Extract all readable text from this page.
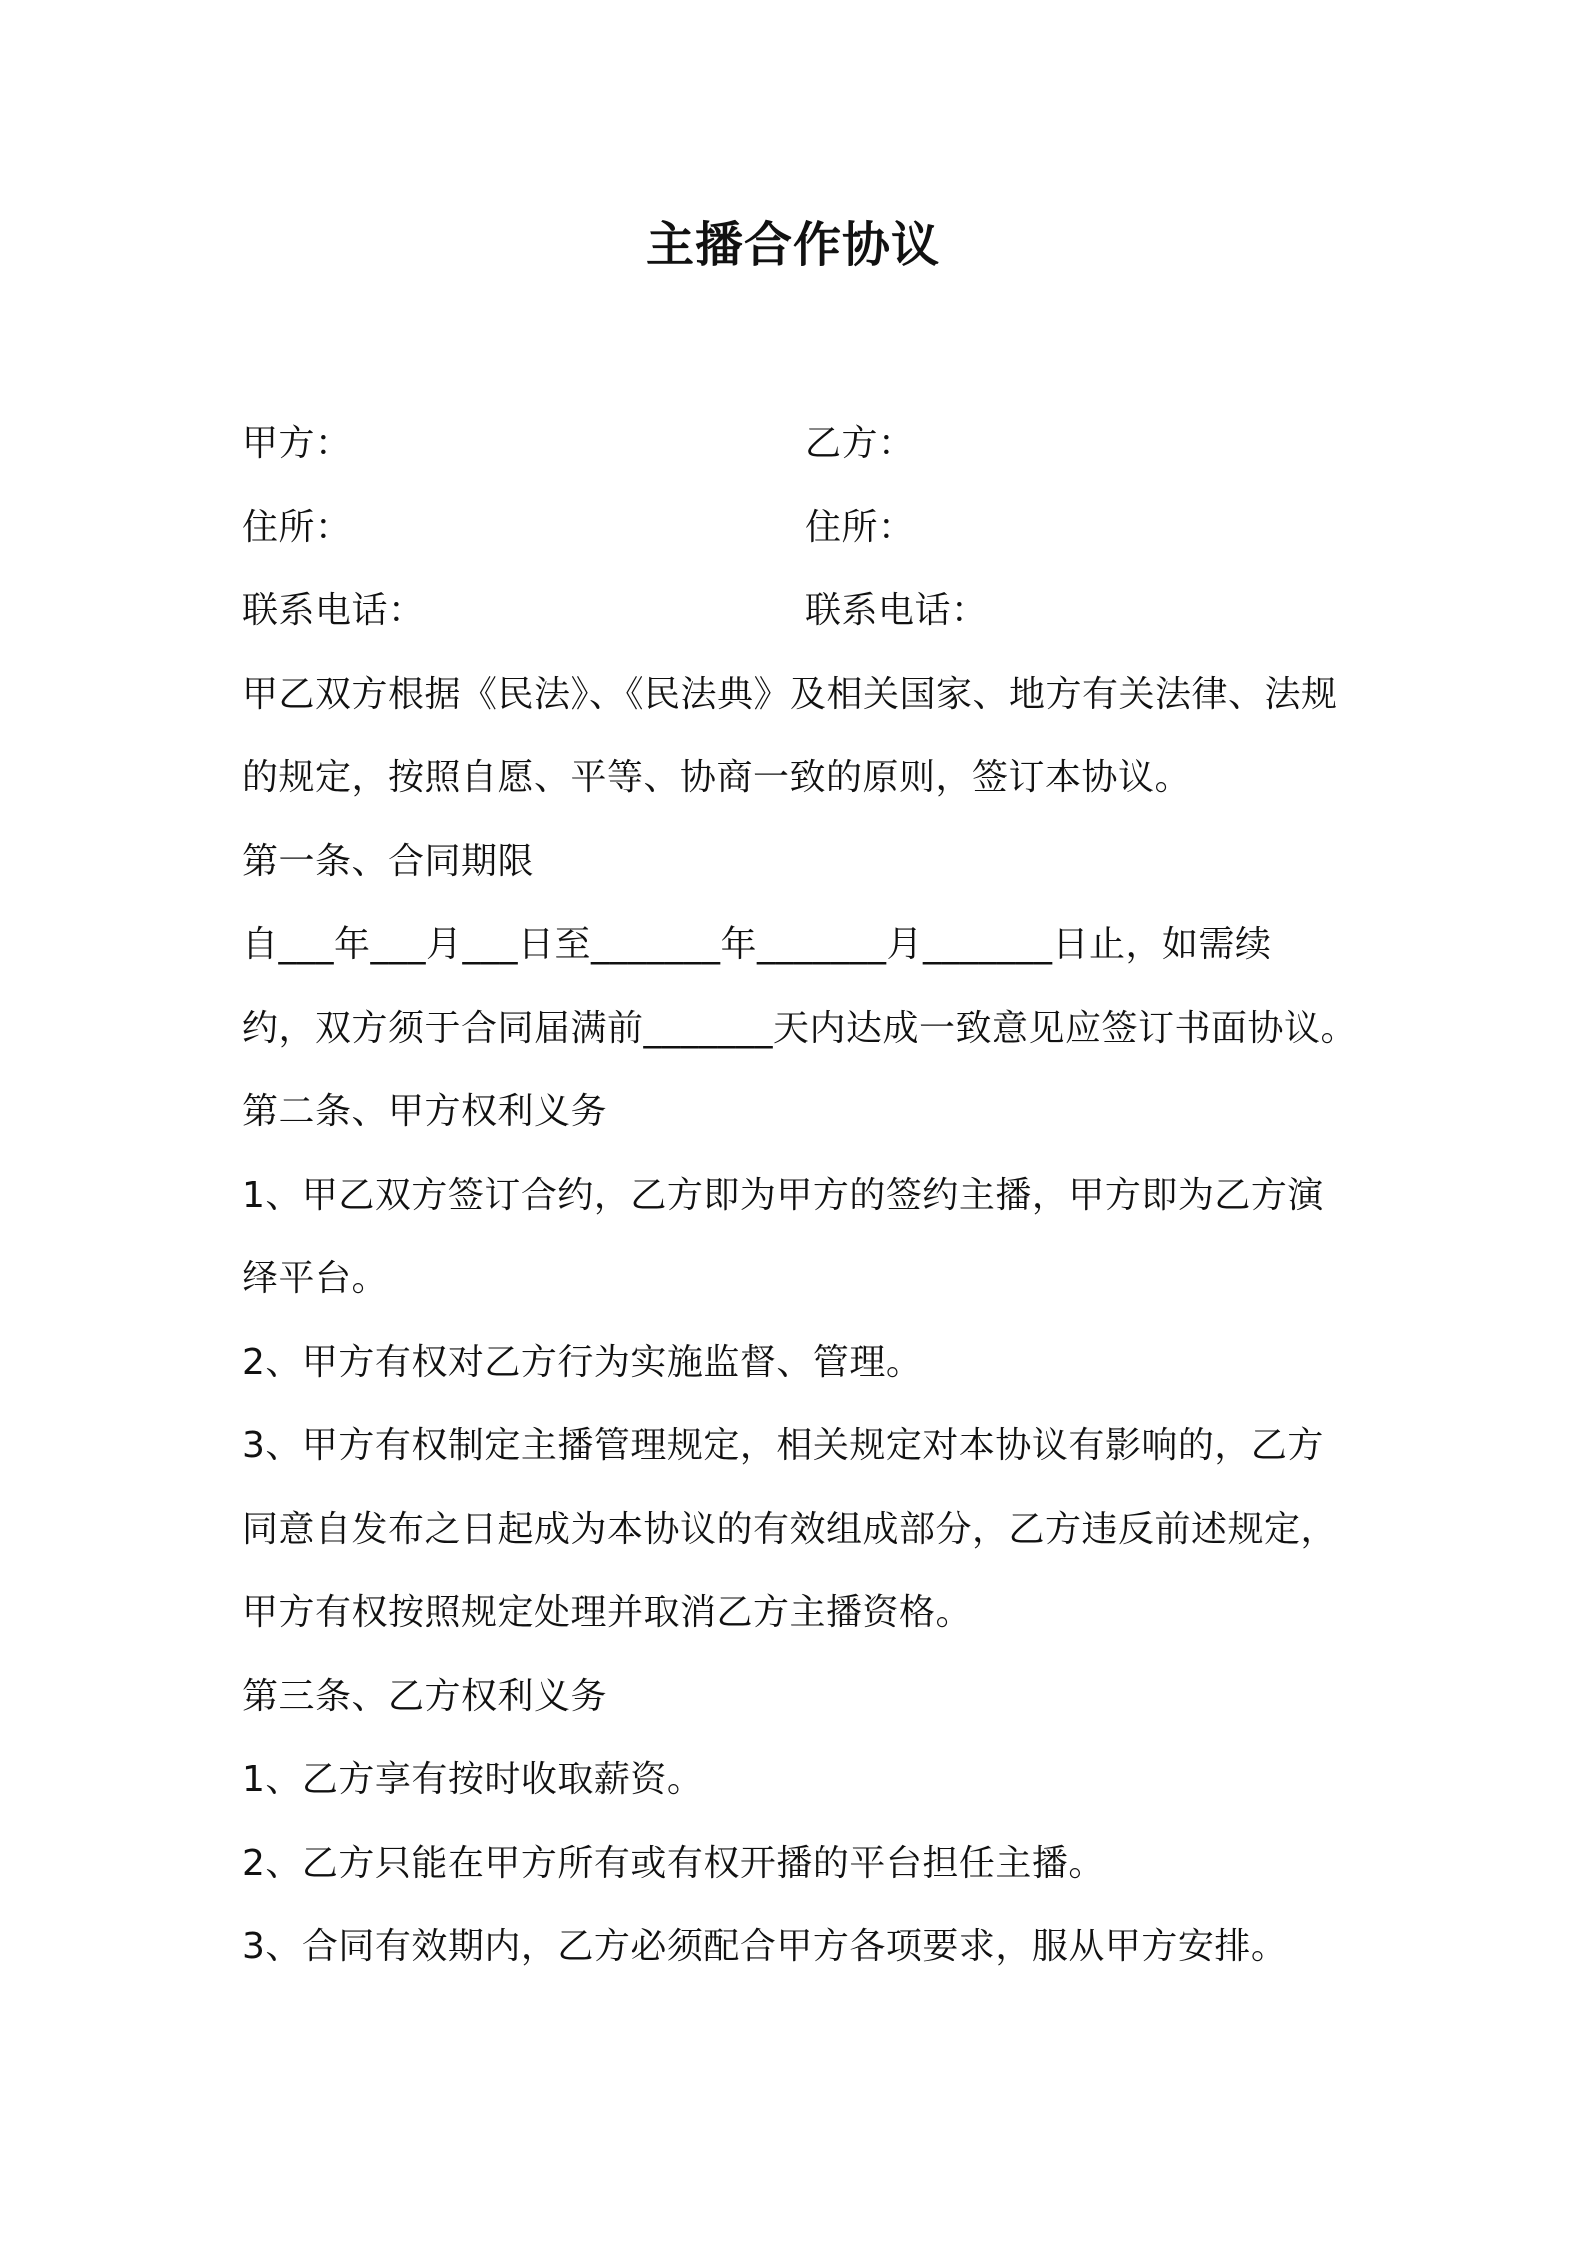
主播合作协议
甲方：	乙方：
住所：	住所：
联系电话：	联系电话：
甲乙双方根据《民法》、《民法典》及相关国家、地方有关法律、法规
的规定，按照自愿、平等、协商一致的原则，签订本协议。
第一条、合同期限
自___年___月___日至_______年_______月_______日止，如需续
约，双方须于合同届满前_______天内达成一致意见应签订书面协议。
第二条、甲方权利义务
1、甲乙双方签订合约，乙方即为甲方的签约主播，甲方即为乙方演
绎平台。
2、甲方有权对乙方行为实施监督、管理。
3、甲方有权制定主播管理规定，相关规定对本协议有影响的，乙方
同意自发布之日起成为本协议的有效组成部分，乙方违反前述规定，
甲方有权按照规定处理并取消乙方主播资格。
第三条、乙方权利义务
1、乙方享有按时收取薪资。
2、乙方只能在甲方所有或有权开播的平台担任主播。
3、合同有效期内，乙方必须配合甲方各项要求，服从甲方安排。
